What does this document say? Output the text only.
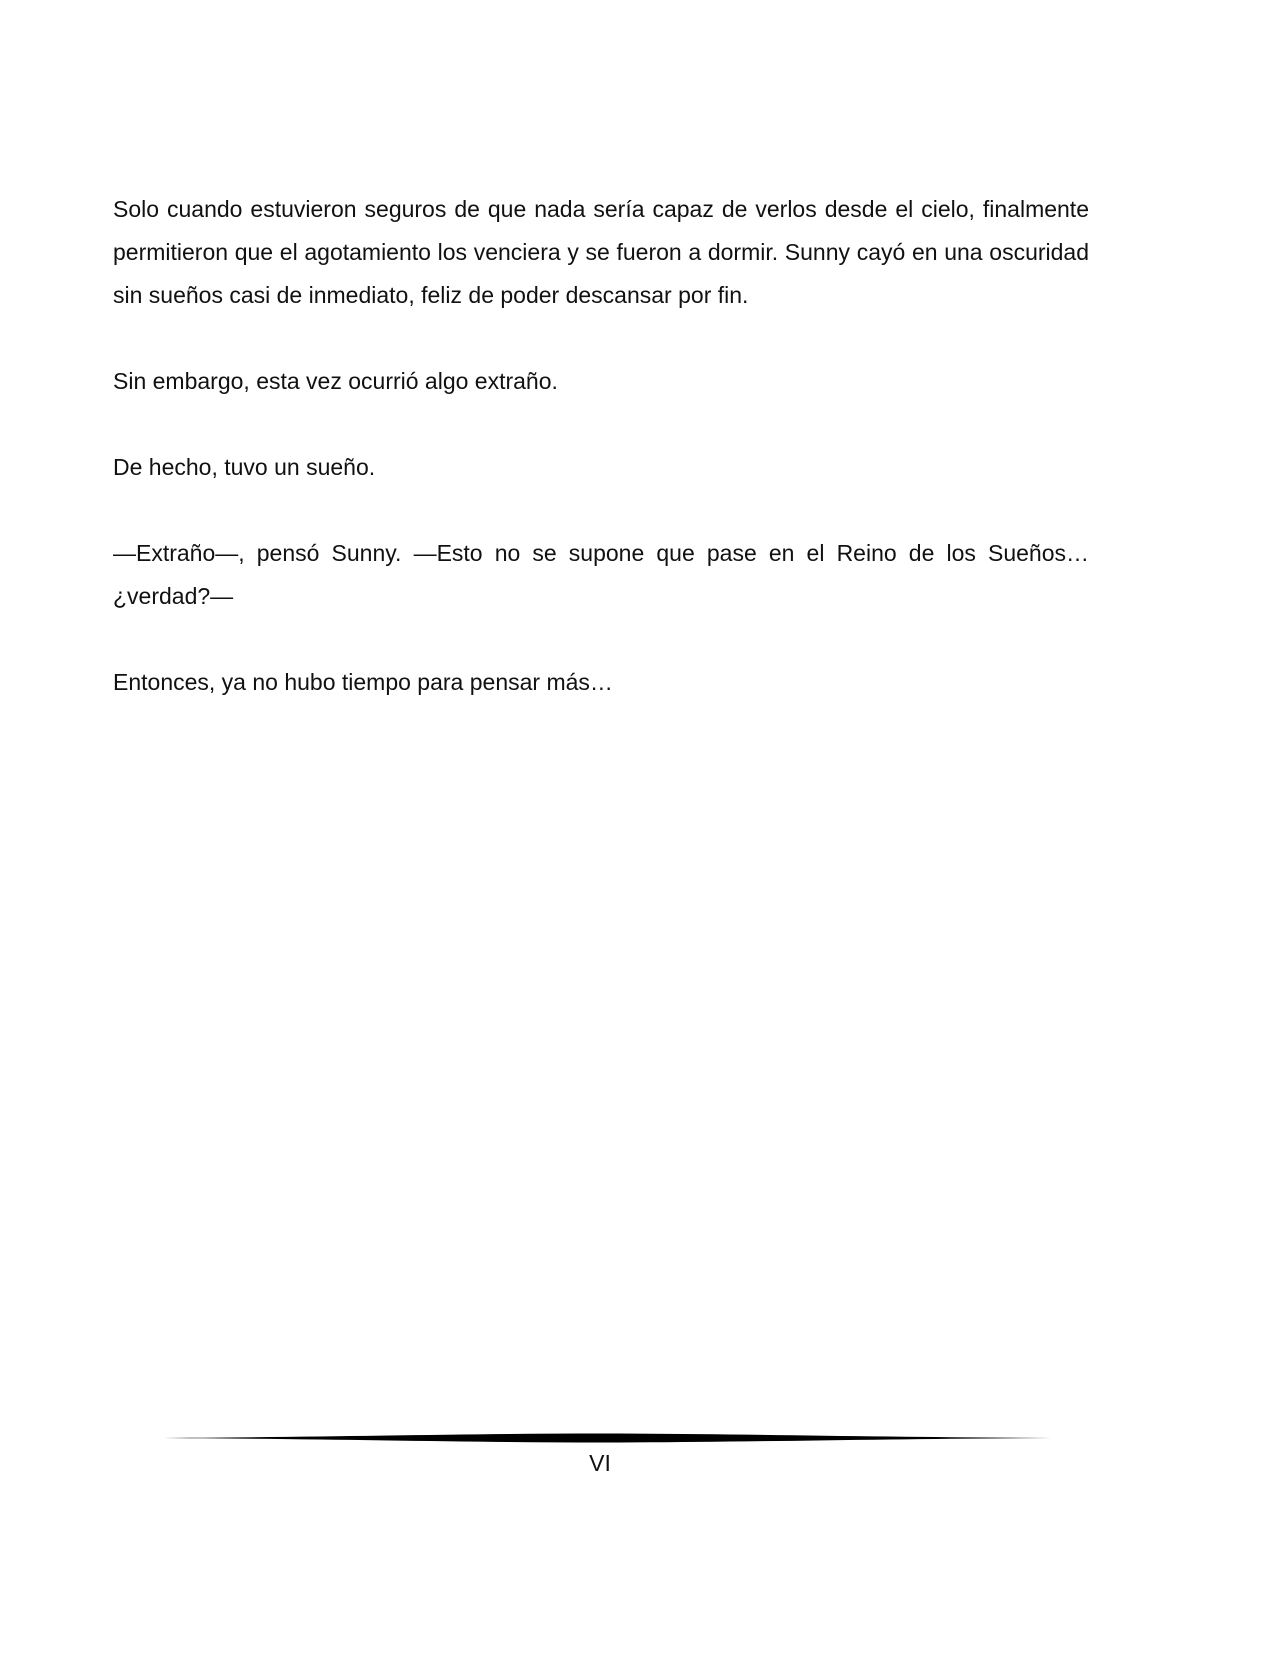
Solo cuando estuvieron seguros de que nada sería capaz de verlos desde el cielo, finalmente permitieron que el agotamiento los venciera y se fueron a dormir. Sunny cayó en una oscuridad sin sueños casi de inmediato, feliz de poder descansar por fin.

Sin embargo, esta vez ocurrió algo extraño.

De hecho, tuvo un sueño.

—Extraño—, pensó Sunny. —Esto no se supone que pase en el Reino de los Sueños… ¿verdad?—

Entonces, ya no hubo tiempo para pensar más…

VI
